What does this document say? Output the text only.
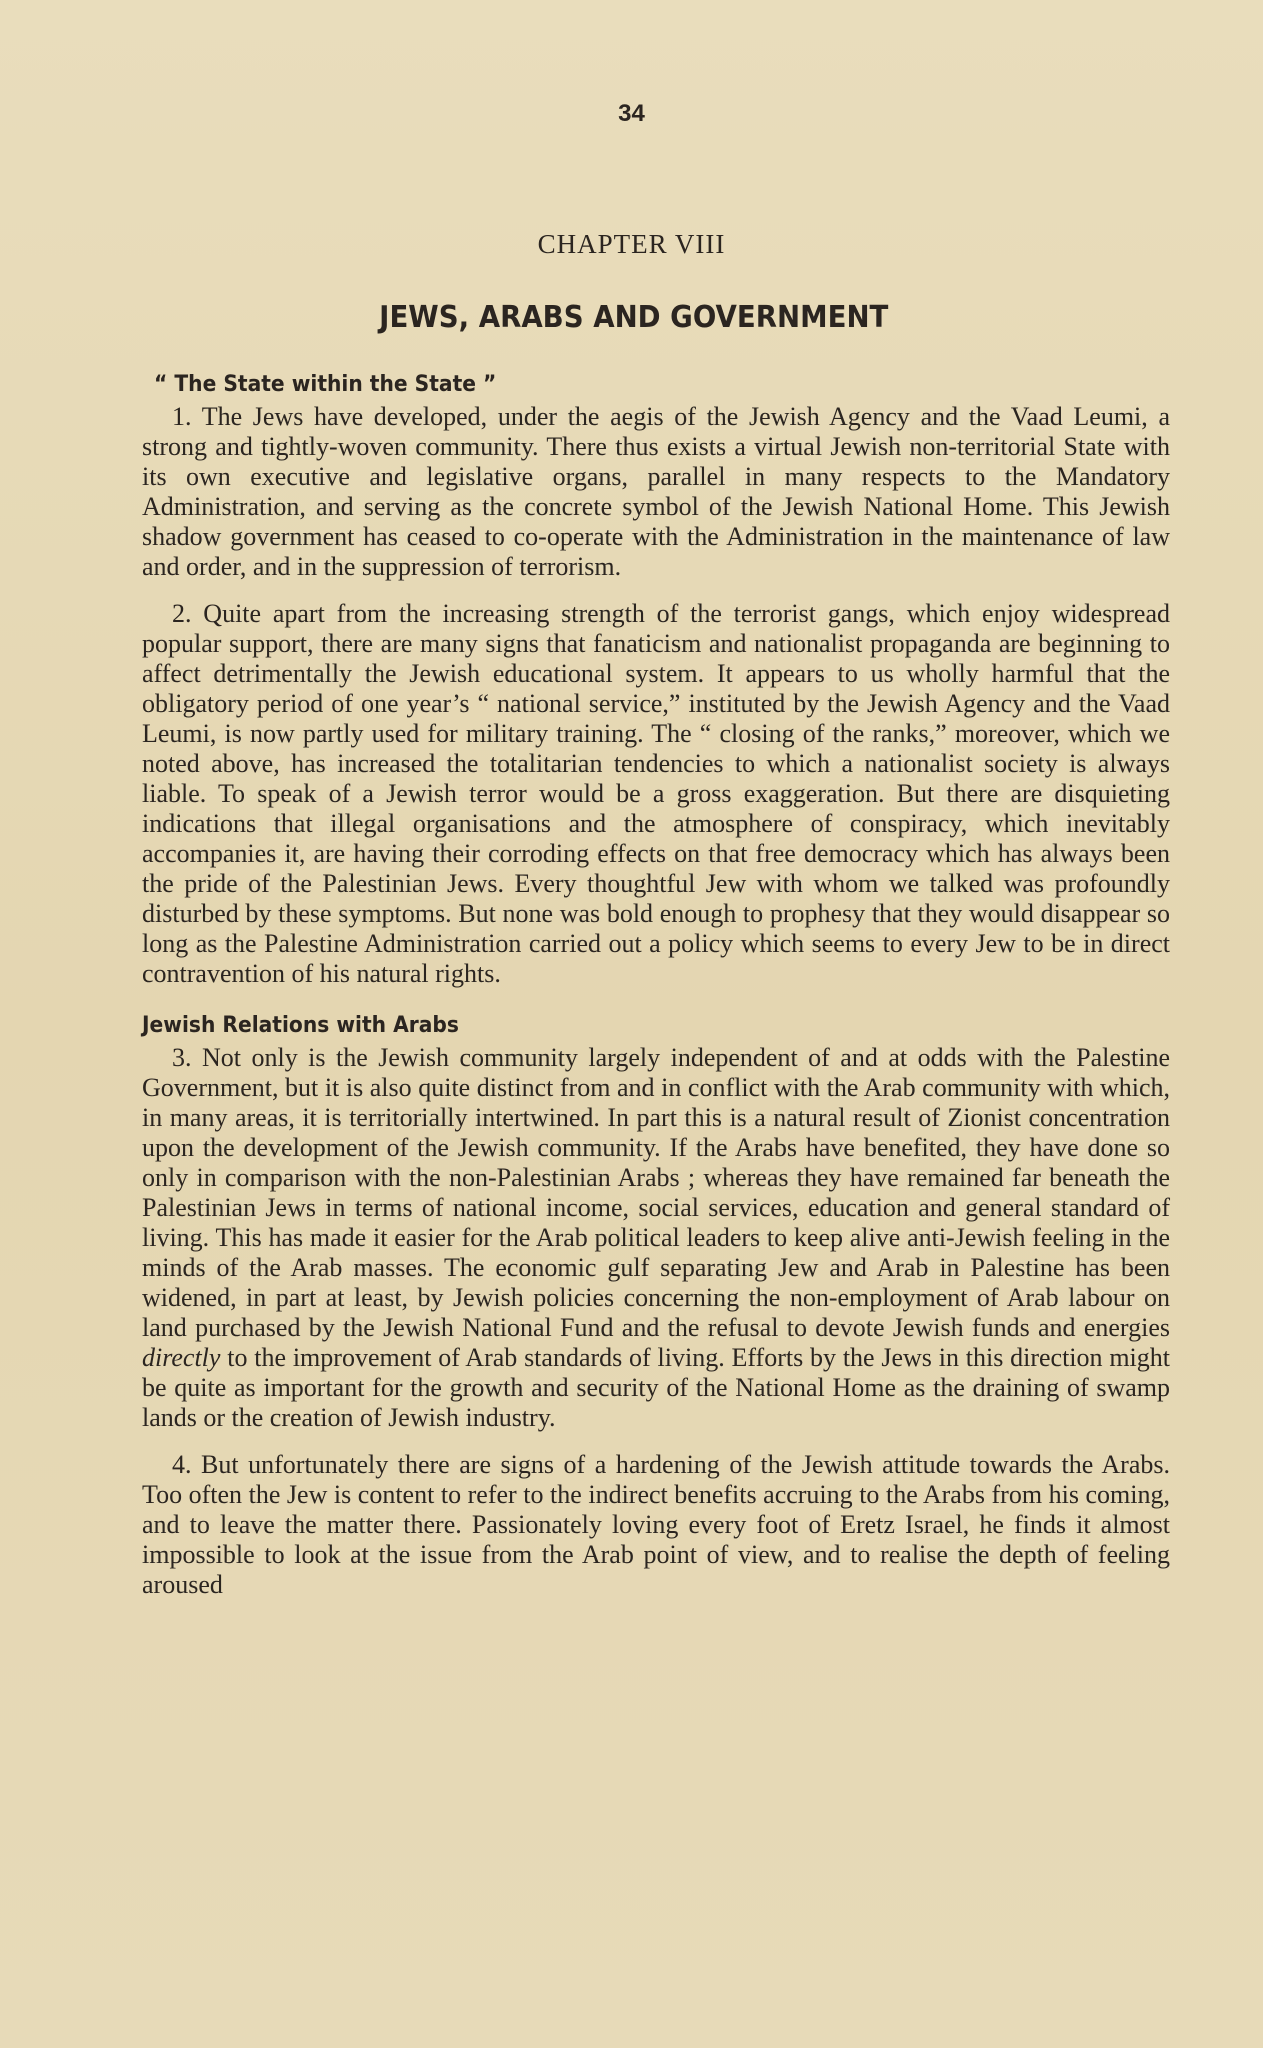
34
CHAPTER VIII
JEWS, ARABS AND GOVERNMENT
“ The State within the State ”

1. The Jews have developed, under the aegis of the Jewish Agency and the Vaad Leumi, a strong and tightly-woven community. There thus exists a virtual Jewish non-territorial State with its own executive and legislative organs, parallel in many respects to the Mandatory Administration, and serving as the concrete symbol of the Jewish National Home. This Jewish shadow government has ceased to co-operate with the Administration in the maintenance of law and order, and in the suppression of terrorism.

2. Quite apart from the increasing strength of the terrorist gangs, which enjoy widespread popular support, there are many signs that fanaticism and nationalist propaganda are beginning to affect detrimentally the Jewish educational system. It appears to us wholly harmful that the obligatory period of one year’s “ national service,” instituted by the Jewish Agency and the Vaad Leumi, is now partly used for military training. The “ closing of the ranks,” moreover, which we noted above, has increased the totalitarian tendencies to which a nationalist society is always liable. To speak of a Jewish terror would be a gross exaggeration. But there are disquieting indications that illegal organisations and the atmosphere of conspiracy, which inevitably accompanies it, are having their corroding effects on that free democracy which has always been the pride of the Palestinian Jews. Every thoughtful Jew with whom we talked was profoundly disturbed by these symptoms. But none was bold enough to prophesy that they would disappear so long as the Palestine Administration carried out a policy which seems to every Jew to be in direct contravention of his natural rights.

Jewish Relations with Arabs

3. Not only is the Jewish community largely independent of and at odds with the Palestine Government, but it is also quite distinct from and in conflict with the Arab community with which, in many areas, it is territorially intertwined. In part this is a natural result of Zionist concentration upon the development of the Jewish community. If the Arabs have benefited, they have done so only in comparison with the non-Palestinian Arabs ; whereas they have remained far beneath the Palestinian Jews in terms of national income, social services, education and general standard of living. This has made it easier for the Arab political leaders to keep alive anti-Jewish feeling in the minds of the Arab masses. The economic gulf separating Jew and Arab in Palestine has been widened, in part at least, by Jewish policies concerning the non-employment of Arab labour on land purchased by the Jewish National Fund and the refusal to devote Jewish funds and energies directly to the improvement of Arab standards of living. Efforts by the Jews in this direction might be quite as important for the growth and security of the National Home as the draining of swamp lands or the creation of Jewish industry.

4. But unfortunately there are signs of a hardening of the Jewish attitude towards the Arabs. Too often the Jew is content to refer to the indirect benefits accruing to the Arabs from his coming, and to leave the matter there. Passionately loving every foot of Eretz Israel, he finds it almost impossible to look at the issue from the Arab point of view, and to realise the depth of feeling aroused
